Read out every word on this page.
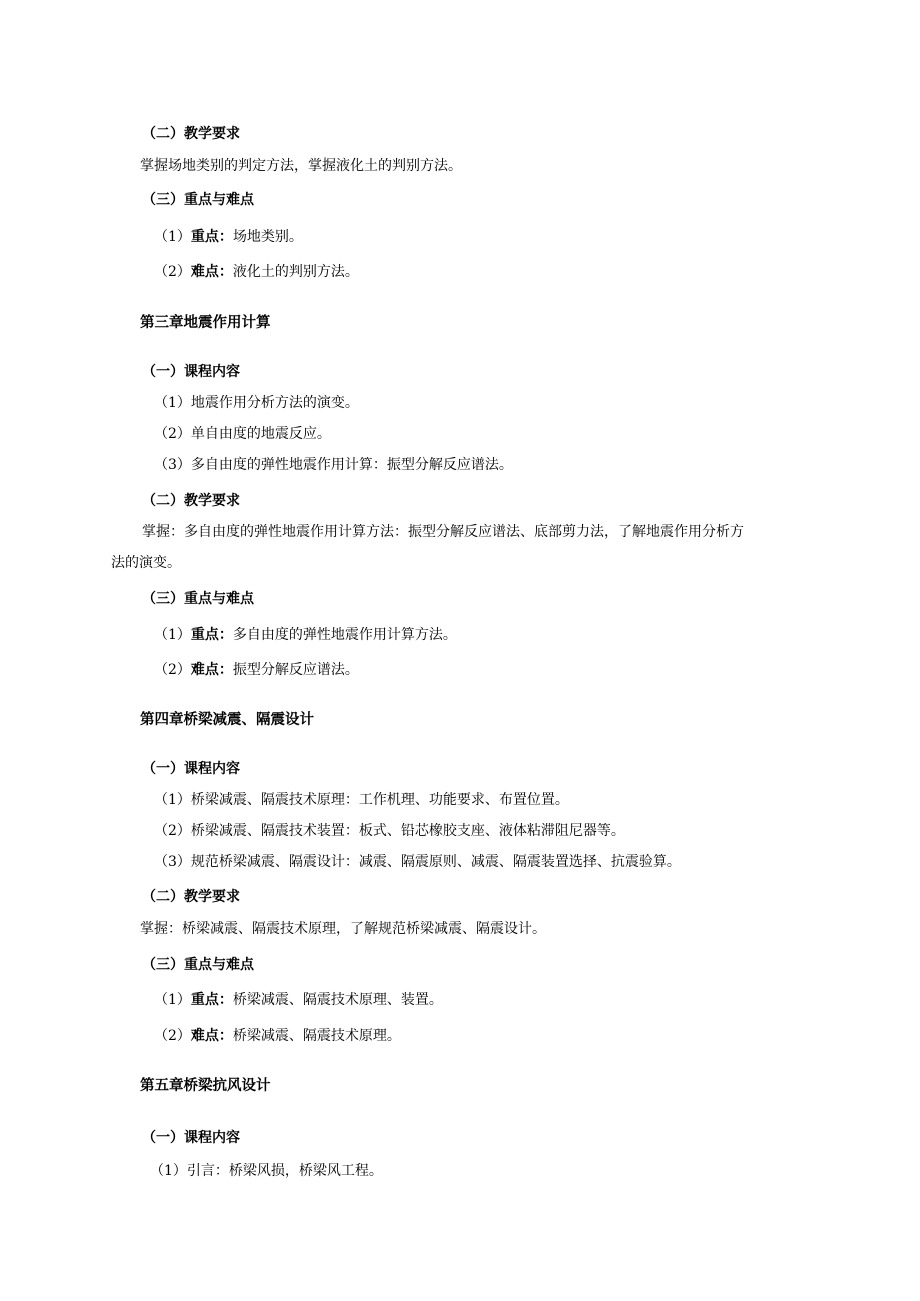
（二）教学要求
掌握场地类别的判定方法，掌握液化土的判别方法。
（三）重点与难点
（1）重点：场地类别。
（2）难点：液化土的判别方法。
第三章地震作用计算
（一）课程内容
（1）地震作用分析方法的演变。
（2）单自由度的地震反应。
（3）多自由度的弹性地震作用计算：振型分解反应谱法。
（二）教学要求
掌握：多自由度的弹性地震作用计算方法：振型分解反应谱法、底部剪力法，了解地震作用分析方
法的演变。
（三）重点与难点
（1）重点：多自由度的弹性地震作用计算方法。
（2）难点：振型分解反应谱法。
第四章桥梁减震、隔震设计
（一）课程内容
（1）桥梁减震、隔震技术原理：工作机理、功能要求、布置位置。
（2）桥梁减震、隔震技术装置：板式、铅芯橡胶支座、液体粘滞阻尼器等。
（3）规范桥梁减震、隔震设计：减震、隔震原则、减震、隔震装置选择、抗震验算。
（二）教学要求
掌握：桥梁减震、隔震技术原理，了解规范桥梁减震、隔震设计。
（三）重点与难点
（1）重点：桥梁减震、隔震技术原理、装置。
（2）难点：桥梁减震、隔震技术原理。
第五章桥梁抗风设计
（一）课程内容
（1）引言：桥梁风损，桥梁风工程。
